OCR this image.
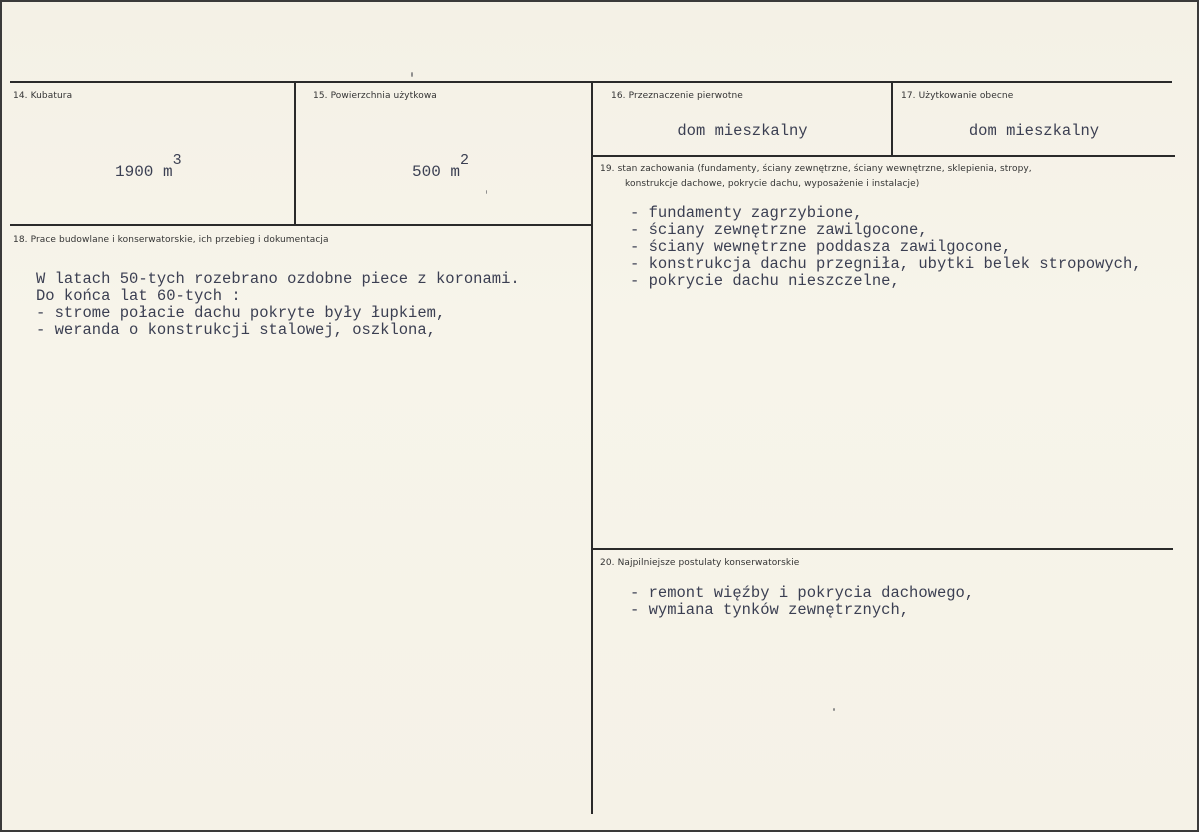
14. Kubatura
1900 m3
15. Powierzchnia użytkowa
500 m2
16. Przeznaczenie pierwotne
dom mieszkalny
17. Użytkowanie obecne
dom mieszkalny
18. Prace budowlane i konserwatorskie, ich przebieg i dokumentacja
W latach 50-tych rozebrano ozdobne piece z koronami.
Do końca lat 60-tych :
- strome połacie dachu pokryte były łupkiem,
- weranda o konstrukcji stalowej, oszklona,
19. stan zachowania (fundamenty, ściany zewnętrzne, ściany wewnętrzne, sklepienia, stropy,
konstrukcje dachowe, pokrycie dachu, wyposażenie i instalacje)
- fundamenty zagrzybione,
- ściany zewnętrzne zawilgocone,
- ściany wewnętrzne poddasza zawilgocone,
- konstrukcja dachu przegniła, ubytki belek stropowych,
- pokrycie dachu nieszczelne,
20. Najpilniejsze postulaty konserwatorskie
- remont więźby i pokrycia dachowego,
- wymiana tynków zewnętrznych,
